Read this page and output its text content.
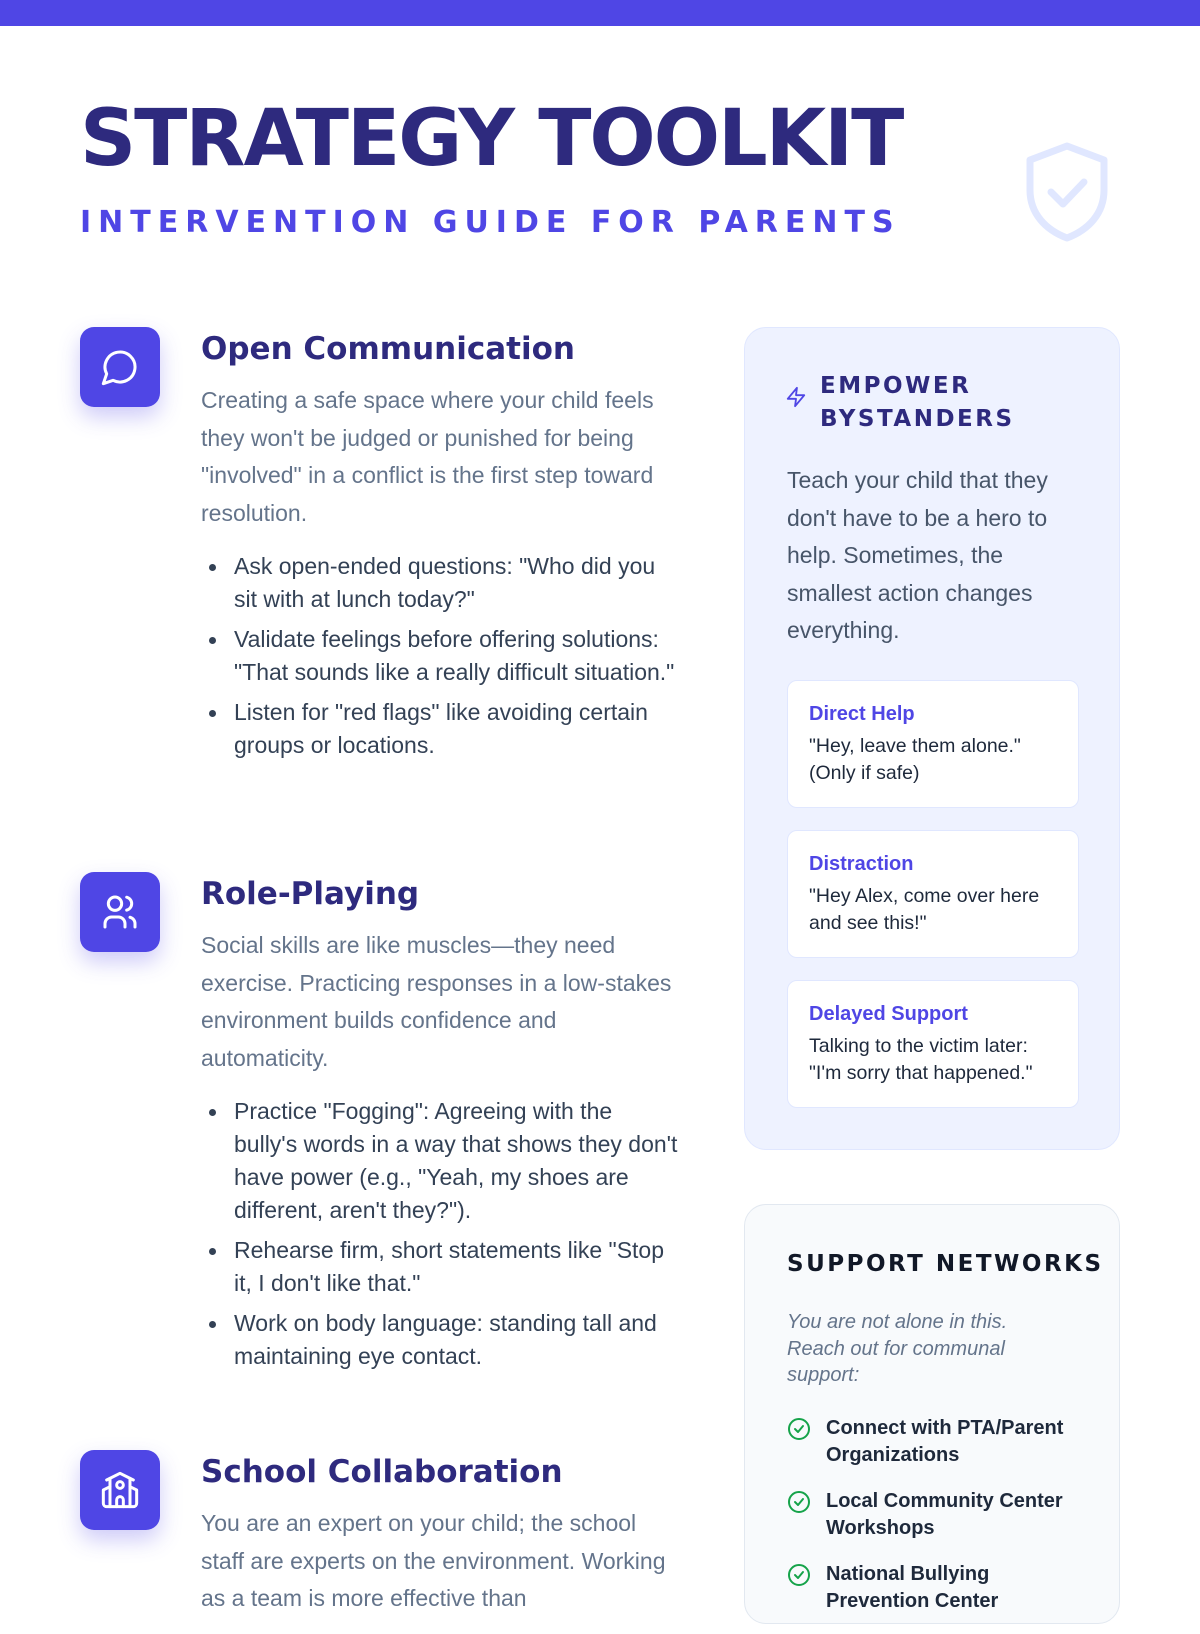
STRATEGY TOOLKIT
INTERVENTION GUIDE FOR PARENTS
Open Communication

Creating a safe space where your child feels they won't be judged or punished for being "involved" in a conflict is the first step toward resolution.

Ask open-ended questions: "Who did you sit with at lunch today?"
Validate feelings before offering solutions: "That sounds like a really difficult situation."
Listen for "red flags" like avoiding certain groups or locations.
Role-Playing

Social skills are like muscles—they need exercise. Practicing responses in a low-stakes environment builds confidence and automaticity.

Practice "Fogging": Agreeing with the bully's words in a way that shows they don't have power (e.g., "Yeah, my shoes are different, aren't they?").
Rehearse firm, short statements like "Stop it, I don't like that."
Work on body language: standing tall and maintaining eye contact.
School Collaboration

You are an expert on your child; the school staff are experts on the environment. Working as a team is more effective than

EMPOWER BYSTANDERS

Teach your child that they don't have to be a hero to help. Sometimes, the smallest action changes everything.

Direct Help
"Hey, leave them alone." (Only if safe)
Distraction
"Hey Alex, come over here and see this!"
Delayed Support
Talking to the victim later: "I'm sorry that happened."
SUPPORT NETWORKS

You are not alone in this. Reach out for communal support:

Connect with PTA/Parent Organizations
Local Community Center Workshops
National Bullying Prevention Center
